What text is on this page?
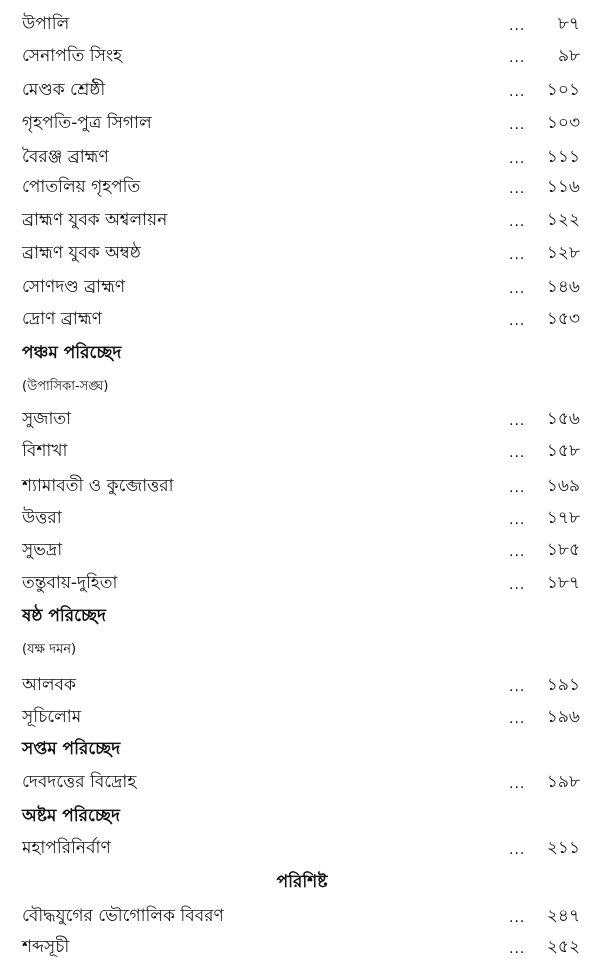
উপালি	... ৮৭
সেনাপতি সিংহ	... ৯৮
মেণ্ডক শ্রেষ্ঠী	... ১০১
গৃহপতি-পুত্র সিগাল	... ১০৩
বৈরঞ্জ ব্রাহ্মণ	... ১১১
পোতলিয় গৃহপতি	... ১১৬
ব্রাহ্মণ যুবক অশ্বলায়ন	... ১২২
ব্রাহ্মণ যুবক অম্বষ্ঠ	... ১২৮
সোণদণ্ড ব্রাহ্মণ	... ১৪৬
দ্রোণ ব্রাহ্মণ	... ১৫৩
পঞ্চম পরিচ্ছেদ
(উপাসিকা-সঙ্ঘ)
সুজাতা	... ১৫৬
বিশাখা	... ১৫৮
শ্যামাবতী ও কুব্জোত্তরা	... ১৬৯
উত্তরা	... ১৭৮
সুভদ্রা	... ১৮৫
তন্তুবায়-দুহিতা	... ১৮৭
ষষ্ঠ পরিচ্ছেদ
(যক্ষ দমন)
আলবক	... ১৯১
সূচিলোম	... ১৯৬
সপ্তম পরিচ্ছেদ
দেবদত্তের বিদ্রোহ	... ১৯৮
অষ্টম পরিচ্ছেদ
মহাপরিনির্বাণ	... ২১১
পরিশিষ্ট
বৌদ্ধযুগের ভৌগোলিক বিবরণ	... ২৪৭
শব্দসূচী	... ২৫২
